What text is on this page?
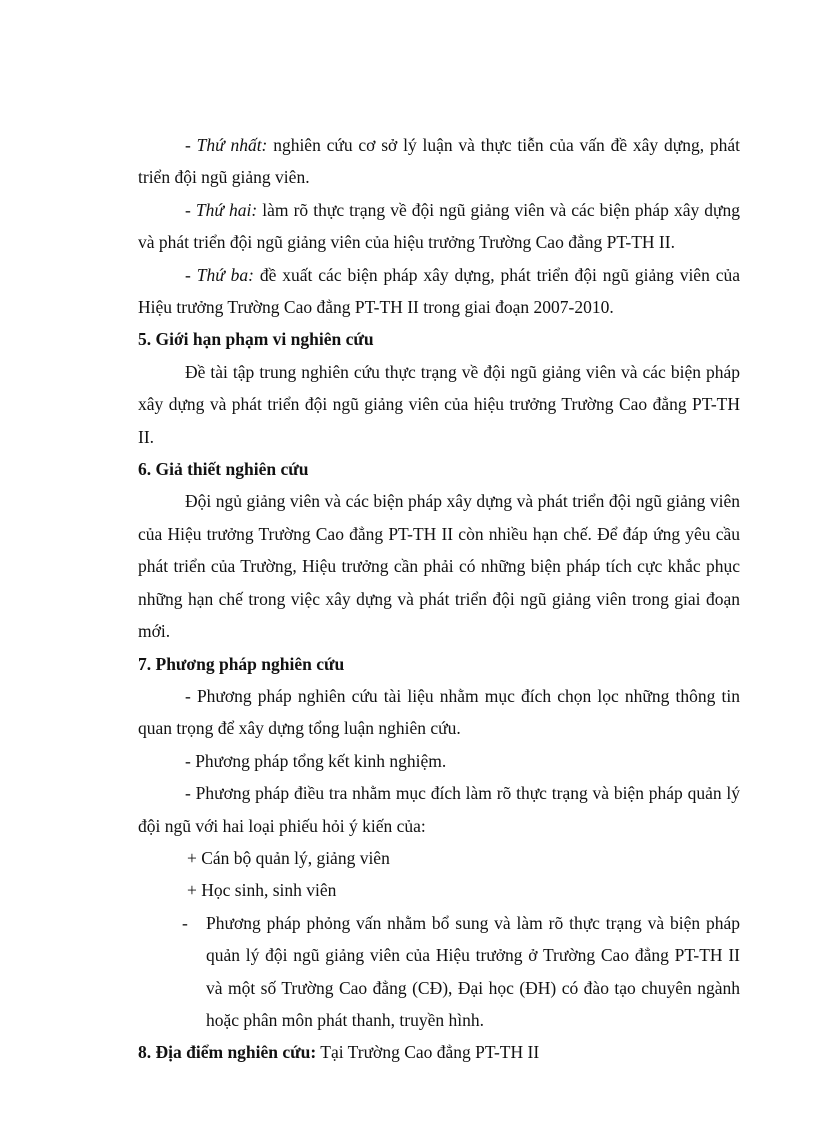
- Thứ nhất: nghiên cứu cơ sở lý luận và thực tiễn của vấn đề xây dựng, phát triển đội ngũ giảng viên.

- Thứ hai: làm rõ thực trạng về đội ngũ giảng viên và các biện pháp xây dựng và phát triển đội ngũ giảng viên của hiệu trưởng Trường Cao đẳng PT-TH II.

- Thứ ba: đề xuất các biện pháp xây dựng, phát triển đội ngũ giảng viên của Hiệu trưởng Trường Cao đẳng PT-TH II trong giai đoạn 2007-2010.

5. Giới hạn phạm vi nghiên cứu

Đề tài tập trung nghiên cứu thực trạng về đội ngũ giảng viên và các biện pháp xây dựng và phát triển đội ngũ giảng viên của hiệu trưởng Trường Cao đẳng PT-TH II.

6. Giả thiết nghiên cứu

Đội ngủ giảng viên và các biện pháp xây dựng và phát triển đội ngũ giảng viên của Hiệu trưởng Trường Cao đẳng PT-TH II còn nhiều hạn chế. Để đáp ứng yêu cầu phát triển của Trường, Hiệu trưởng cần phải có những biện pháp tích cực khắc phục những hạn chế trong việc xây dựng và phát triển đội ngũ giảng viên trong giai đoạn mới.

7. Phương pháp nghiên cứu

- Phương pháp nghiên cứu tài liệu nhằm mục đích chọn lọc những thông tin quan trọng để xây dựng tổng luận nghiên cứu.

- Phương pháp tổng kết kinh nghiệm.

- Phương pháp điều tra nhằm mục đích làm rõ thực trạng và biện pháp quản lý đội ngũ với hai loại phiếu hỏi ý kiến của:

+ Cán bộ quản lý, giảng viên

+ Học sinh, sinh viên

- Phương pháp phỏng vấn nhằm bổ sung và làm rõ thực trạng và biện pháp quản lý đội ngũ giảng viên của Hiệu trưởng ở Trường Cao đẳng PT-TH II và một số Trường Cao đẳng (CĐ), Đại học (ĐH) có đào tạo chuyên ngành hoặc phân môn phát thanh, truyền hình.

8. Địa điểm nghiên cứu: Tại Trường Cao đẳng PT-TH II
